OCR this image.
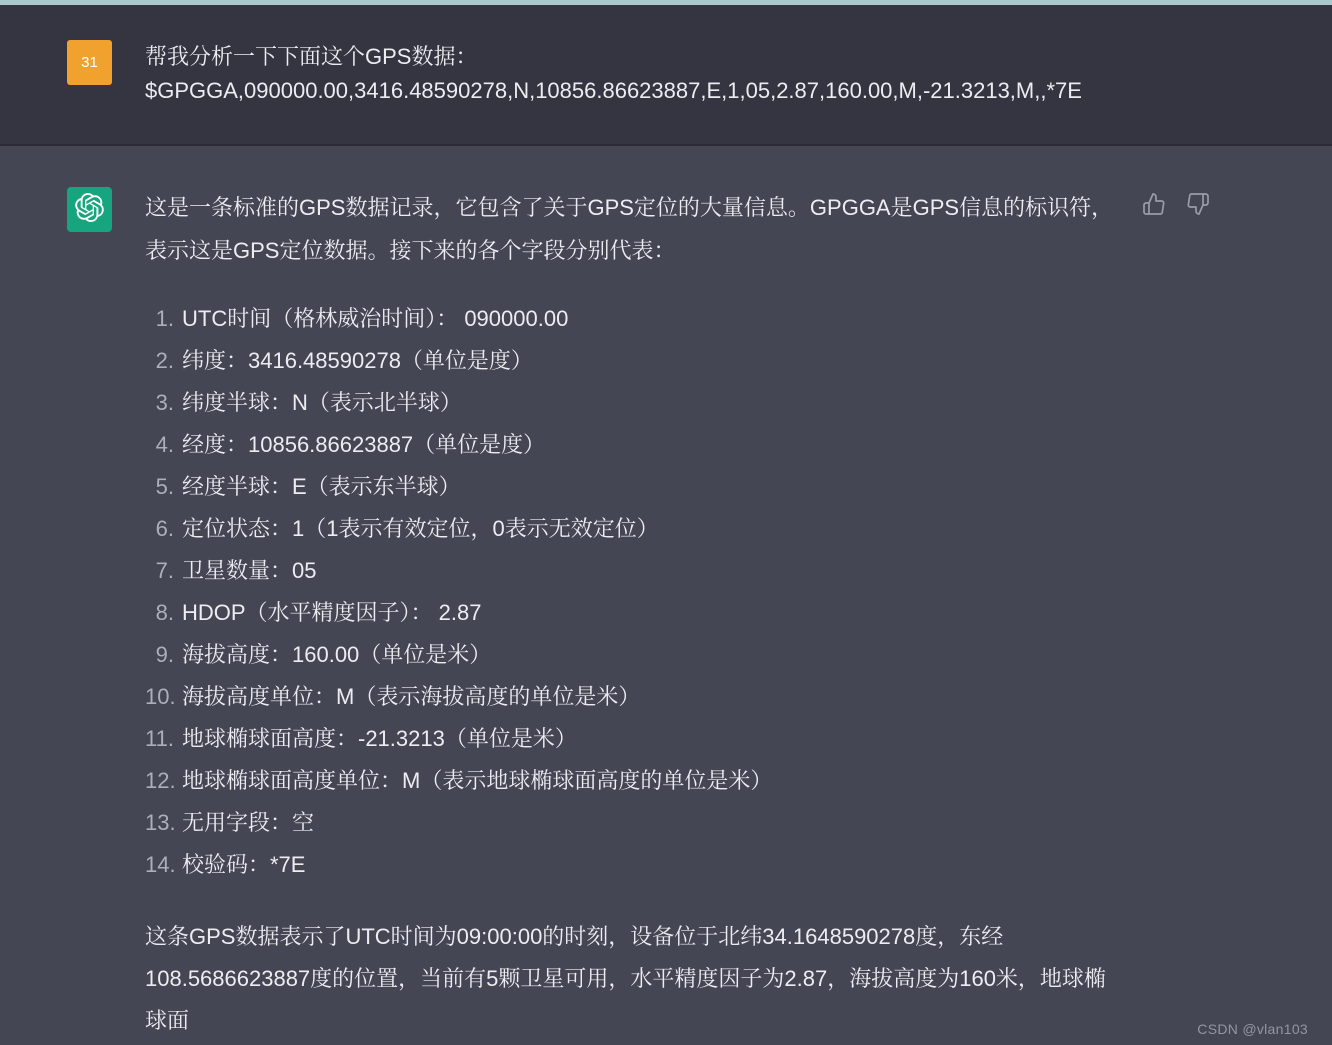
31 帮我分析一下下面这个GPS数据：
$GPGGA,090000.00,3416.48590278,N,10856.86623887,E,1,05,2.87,160.00,M,-21.3213,M,,*7E

这是一条标准的GPS数据记录，它包含了关于GPS定位的大量信息。GPGGA是GPS信息的标识符，表示这是GPS定位数据。接下来的各个字段分别代表：

UTC时间（格林威治时间）： 090000.00
纬度：3416.48590278（单位是度）
纬度半球：N（表示北半球）
经度：10856.86623887（单位是度）
经度半球：E（表示东半球）
定位状态：1（1表示有效定位，0表示无效定位）
卫星数量：05
HDOP（水平精度因子）： 2.87
海拔高度：160.00（单位是米）
海拔高度单位：M（表示海拔高度的单位是米）
地球椭球面高度：-21.3213（单位是米）
地球椭球面高度单位：M（表示地球椭球面高度的单位是米）
无用字段：空
校验码：*7E

这条GPS数据表示了UTC时间为09:00:00的时刻，设备位于北纬34.1648590278度，东经108.5686623887度的位置，当前有5颗卫星可用，水平精度因子为2.87，海拔高度为160米，地球椭球面	CSDN @vlan103
